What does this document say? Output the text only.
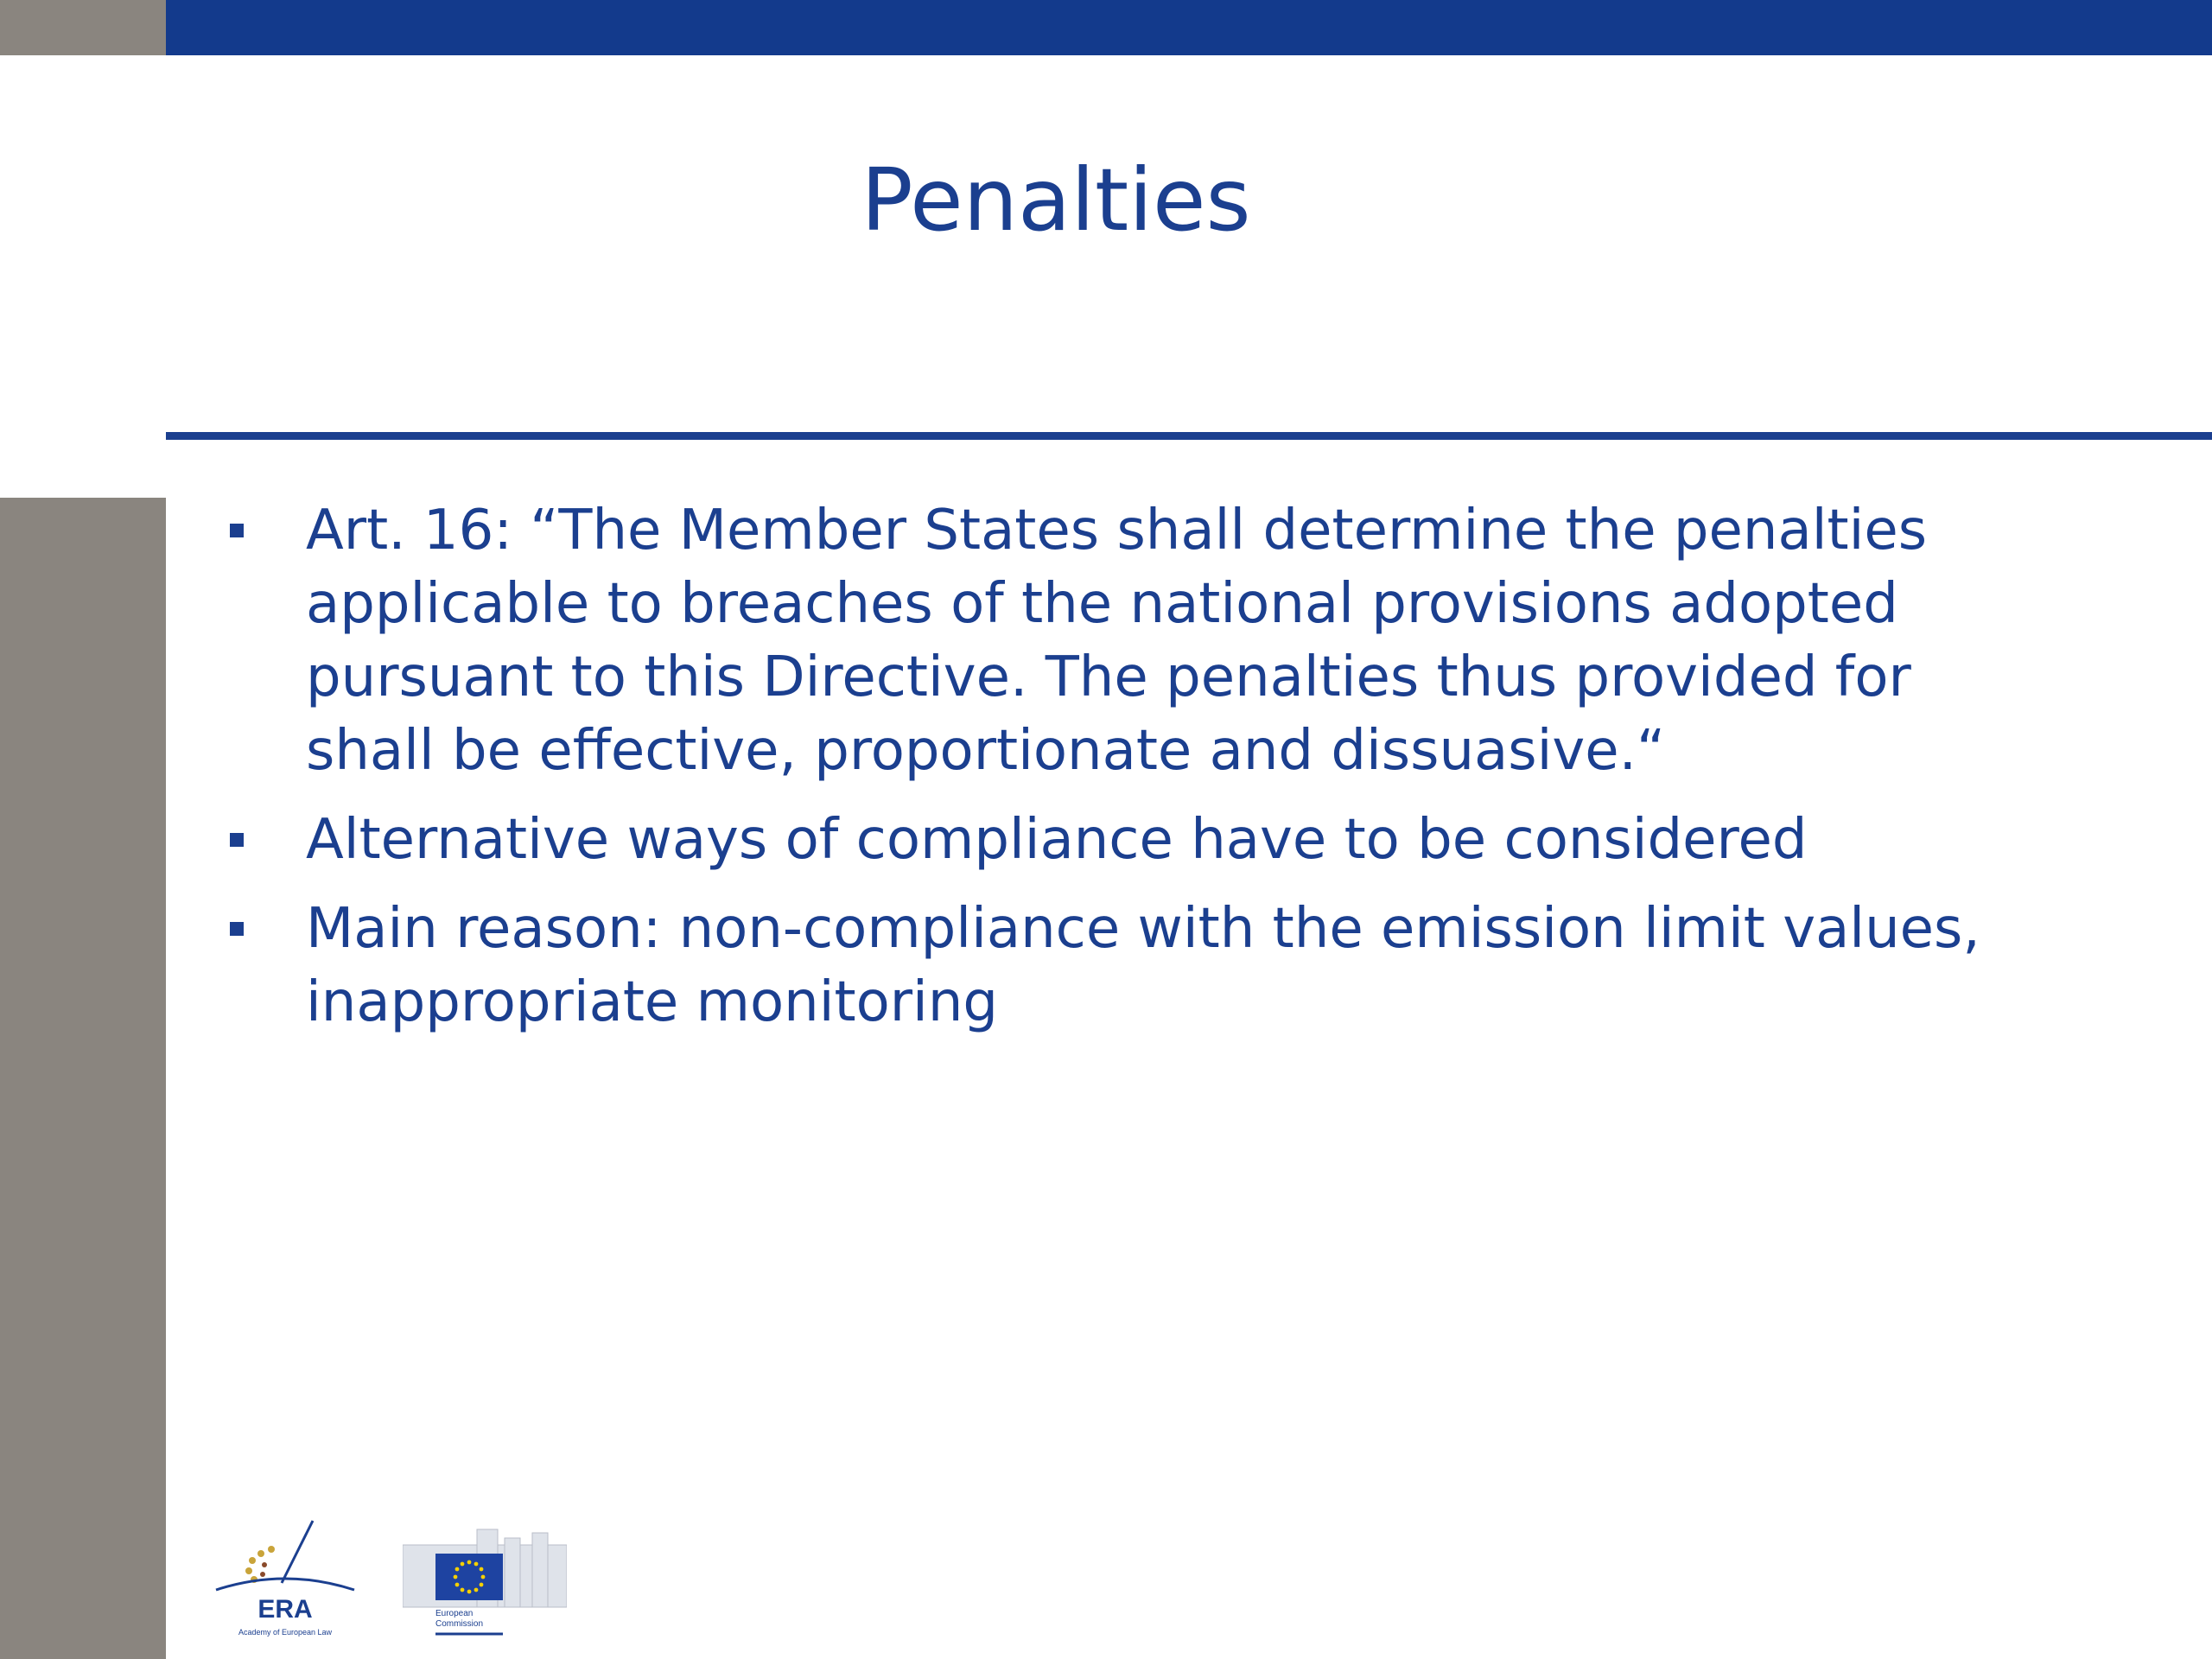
Penalties
Art. 16: “The Member States shall determine the penalties applicable to breaches of the national provisions adopted pursuant to this Directive. The penalties thus provided for shall be effective, proportionate and dissuasive.“
Alternative ways of compliance have to be considered
Main reason: non-compliance with the emission limit values, inappropriate monitoring
ERA
Academy of European Law
European
Commission
